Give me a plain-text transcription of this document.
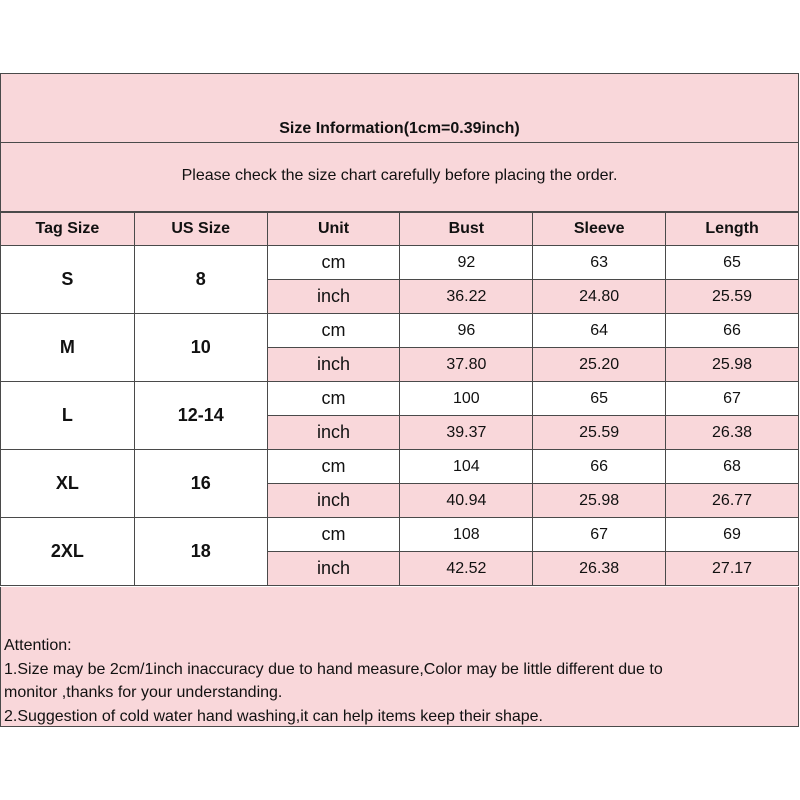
Size Information(1cm=0.39inch)
Please check the size chart carefully before placing the order.
Tag Size	US Size	Unit	Bust	Sleeve	Length
S	8	cm	92	63	65
		inch	36.22	24.80	25.59
M	10	cm	96	64	66
		inch	37.80	25.20	25.98
L	12-14	cm	100	65	67
		inch	39.37	25.59	26.38
XL	16	cm	104	66	68
		inch	40.94	25.98	26.77
2XL	18	cm	108	67	69
		inch	42.52	26.38	27.17
Attention:
1.Size may be 2cm/1inch inaccuracy due to hand measure,Color may be little different due to
monitor ,thanks for your understanding.
2.Suggestion of cold water hand washing,it can help items keep their shape.
